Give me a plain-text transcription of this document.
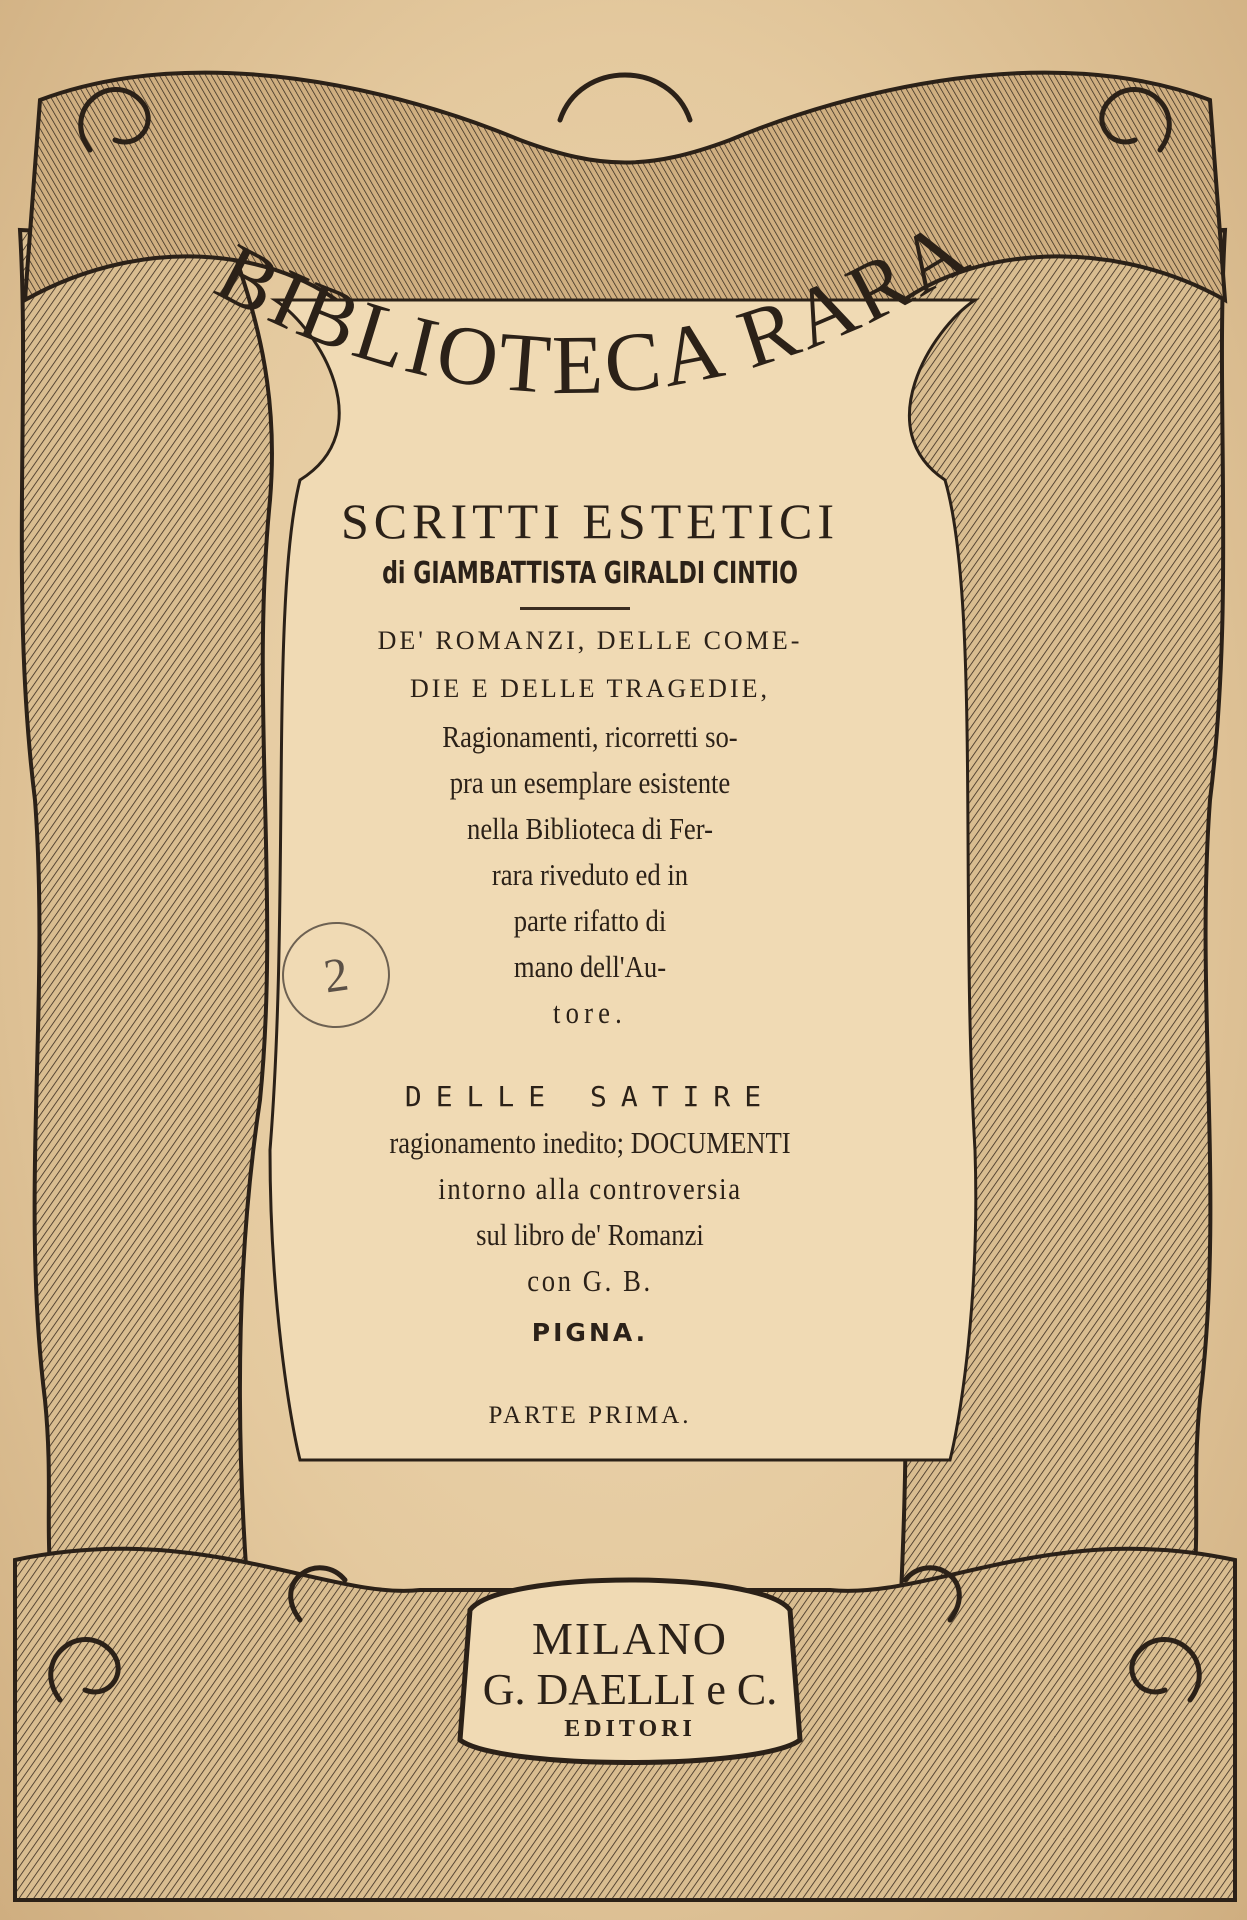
BIBLIOTECA RARA
SCRITTI ESTETICI
di GIAMBATTISTA GIRALDI CINTIO
DE' ROMANZI, DELLE COME-
DIE E DELLE TRAGEDIE,
Ragionamenti, ricorretti so-
pra un esemplare esistente
nella Biblioteca di Fer-
rara riveduto ed in
parte rifatto di
mano dell'Au-
tore.
DELLE SATIRE
ragionamento inedito; DOCUMENTI
intorno alla controversia
sul libro de' Romanzi
con G. B.
PIGNA.
PARTE PRIMA.
2
MILANO
G. DAELLI e C.
EDITORI
